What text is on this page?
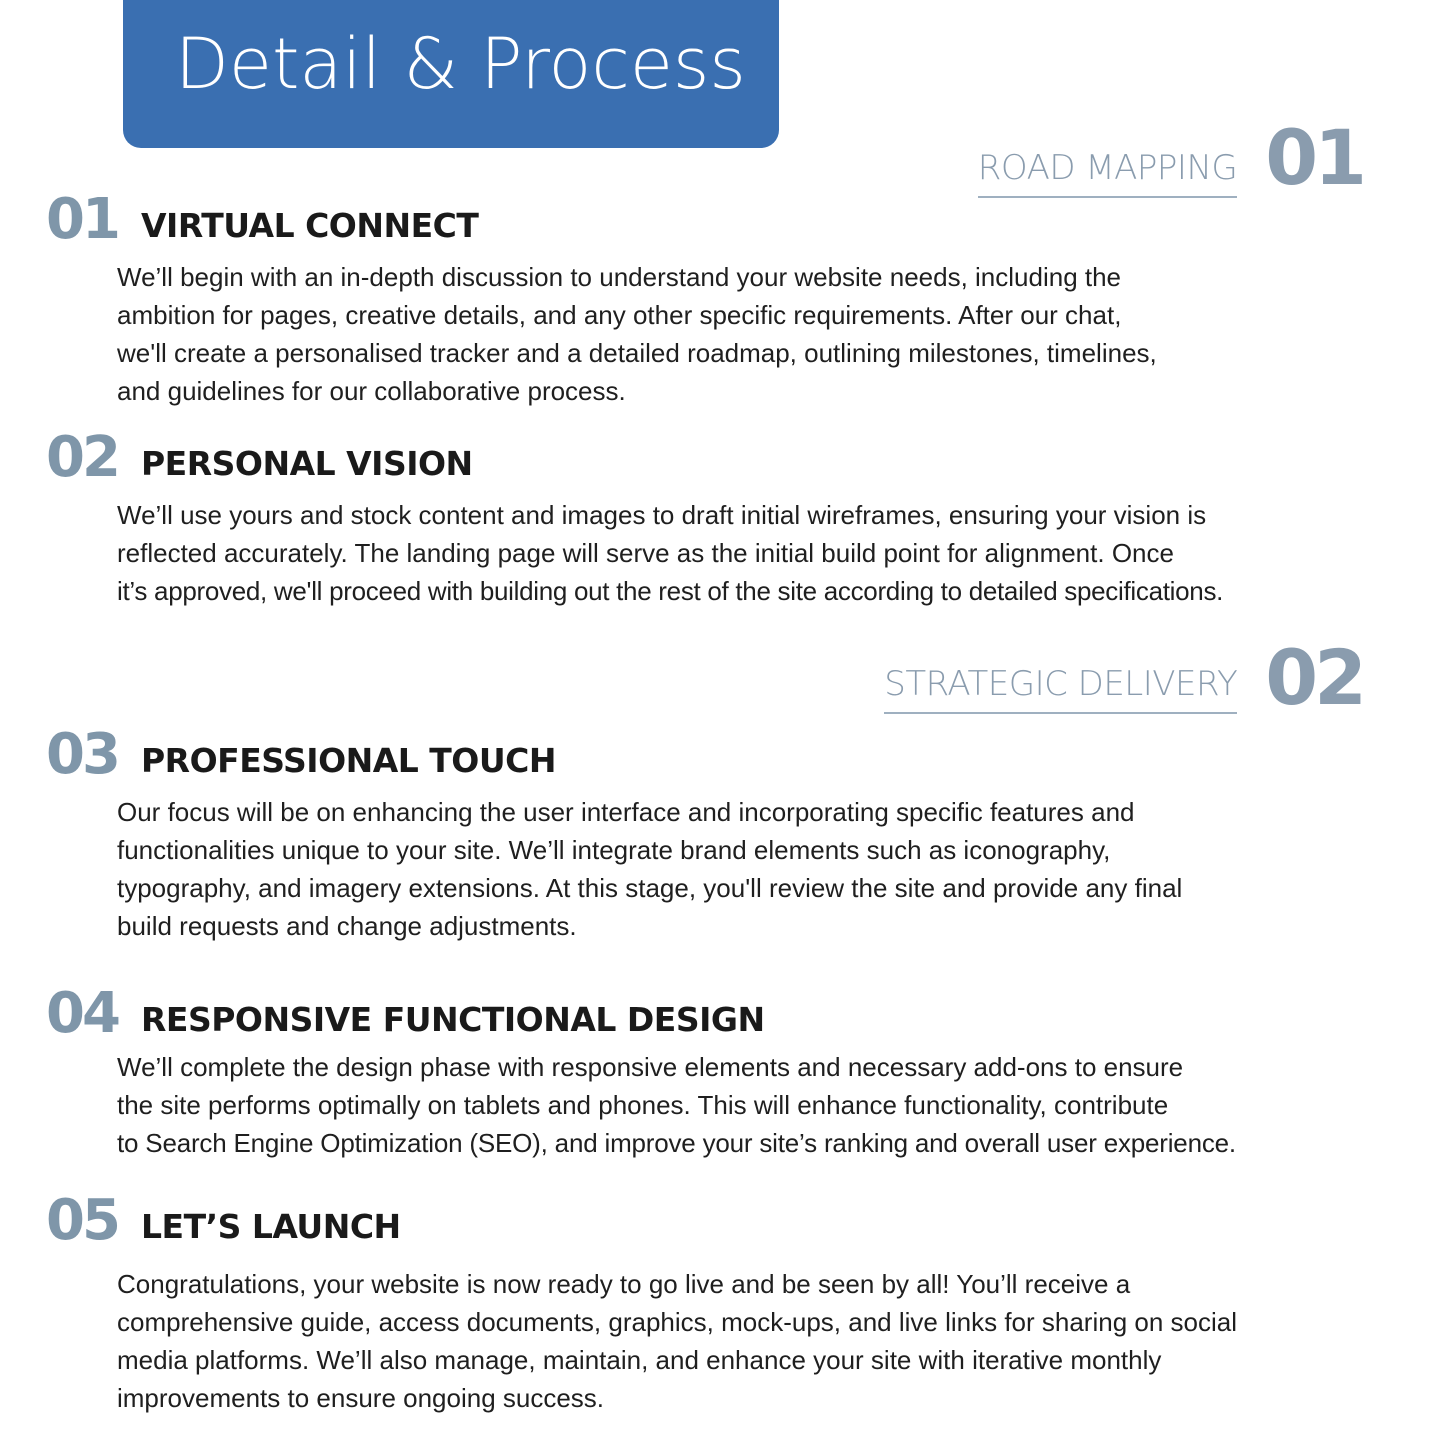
Detail & Process
ROAD MAPPING 01
01 VIRTUAL CONNECT
We’ll begin with an in-depth discussion to understand your website needs, including the
ambition for pages, creative details, and any other specific requirements. After our chat,
we'll create a personalised tracker and a detailed roadmap, outlining milestones, timelines,
and guidelines for our collaborative process.
02 PERSONAL VISION
We’ll use yours and stock content and images to draft initial wireframes, ensuring your vision is
reflected accurately. The landing page will serve as the initial build point for alignment. Once
it’s approved, we'll proceed with building out the rest of the site according to detailed specifications.
STRATEGIC DELIVERY 02
03 PROFESSIONAL TOUCH
Our focus will be on enhancing the user interface and incorporating specific features and
functionalities unique to your site. We’ll integrate brand elements such as iconography,
typography, and imagery extensions. At this stage, you'll review the site and provide any final
build requests and change adjustments.
04 RESPONSIVE FUNCTIONAL DESIGN
We’ll complete the design phase with responsive elements and necessary add-ons to ensure
the site performs optimally on tablets and phones. This will enhance functionality, contribute
to Search Engine Optimization (SEO), and improve your site’s ranking and overall user experience.
05 LET’S LAUNCH
Congratulations, your website is now ready to go live and be seen by all! You’ll receive a
comprehensive guide, access documents, graphics, mock-ups, and live links for sharing on social
media platforms. We’ll also manage, maintain, and enhance your site with iterative monthly
improvements to ensure ongoing success.
